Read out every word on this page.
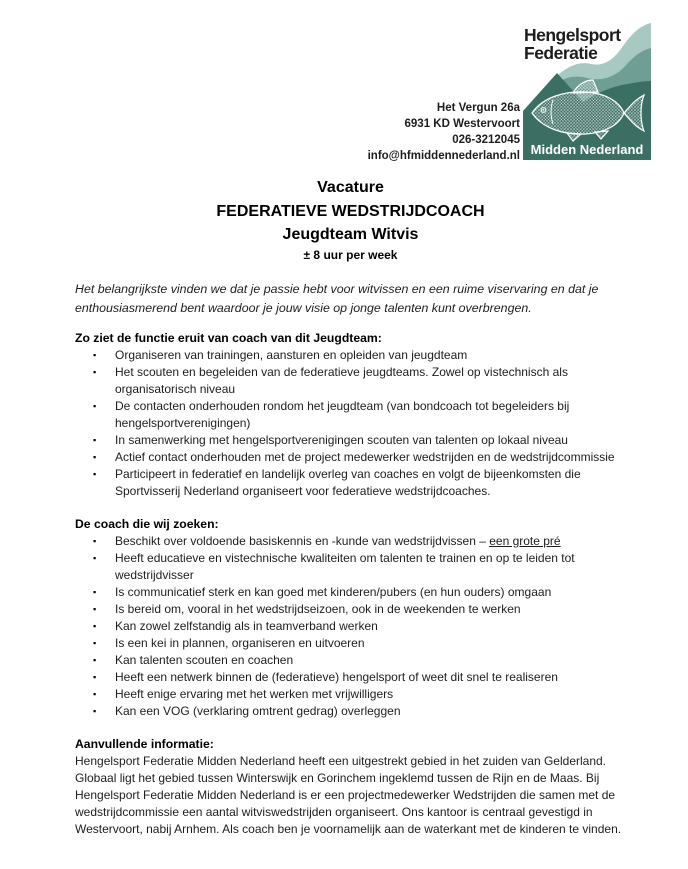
Hengelsport
Federatie
Midden Nederland
Het Vergun 26a
6931 KD Westervoort
026-3212045
info@hfmiddennederland.nl
Vacature
FEDERATIEVE WEDSTRIJDCOACH
Jeugdteam Witvis
± 8 uur per week

Het belangrijkste vinden we dat je passie hebt voor witvissen en een ruime viservaring en dat je enthousiasmerend bent waardoor je jouw visie op jonge talenten kunt overbrengen.

Zo ziet de functie eruit van coach van dit Jeugdteam:
▪ Organiseren van trainingen, aansturen en opleiden van jeugdteam
▪ Het scouten en begeleiden van de federatieve jeugdteams. Zowel op vistechnisch als organisatorisch niveau
▪ De contacten onderhouden rondom het jeugdteam (van bondcoach tot begeleiders bij hengelsportverenigingen)
▪ In samenwerking met hengelsportverenigingen scouten van talenten op lokaal niveau
▪ Actief contact onderhouden met de project medewerker wedstrijden en de wedstrijdcommissie
▪ Participeert in federatief en landelijk overleg van coaches en volgt de bijeenkomsten die Sportvisserij Nederland organiseert voor federatieve wedstrijdcoaches.
De coach die wij zoeken:
▪ Beschikt over voldoende basiskennis en -kunde van wedstrijdvissen – een grote pré
▪ Heeft educatieve en vistechnische kwaliteiten om talenten te trainen en op te leiden tot wedstrijdvisser
▪ Is communicatief sterk en kan goed met kinderen/pubers (en hun ouders) omgaan
▪ Is bereid om, vooral in het wedstrijdseizoen, ook in de weekenden te werken
▪ Kan zowel zelfstandig als in teamverband werken
▪ Is een kei in plannen, organiseren en uitvoeren
▪ Kan talenten scouten en coachen
▪ Heeft een netwerk binnen de (federatieve) hengelsport of weet dit snel te realiseren
▪ Heeft enige ervaring met het werken met vrijwilligers
▪ Kan een VOG (verklaring omtrent gedrag) overleggen
Aanvullende informatie:

Hengelsport Federatie Midden Nederland heeft een uitgestrekt gebied in het zuiden van Gelderland. Globaal ligt het gebied tussen Winterswijk en Gorinchem ingeklemd tussen de Rijn en de Maas. Bij Hengelsport Federatie Midden Nederland is er een projectmedewerker Wedstrijden die samen met de wedstrijdcommissie een aantal witviswedstrijden organiseert. Ons kantoor is centraal gevestigd in Westervoort, nabij Arnhem. Als coach ben je voornamelijk aan de waterkant met de kinderen te vinden.
